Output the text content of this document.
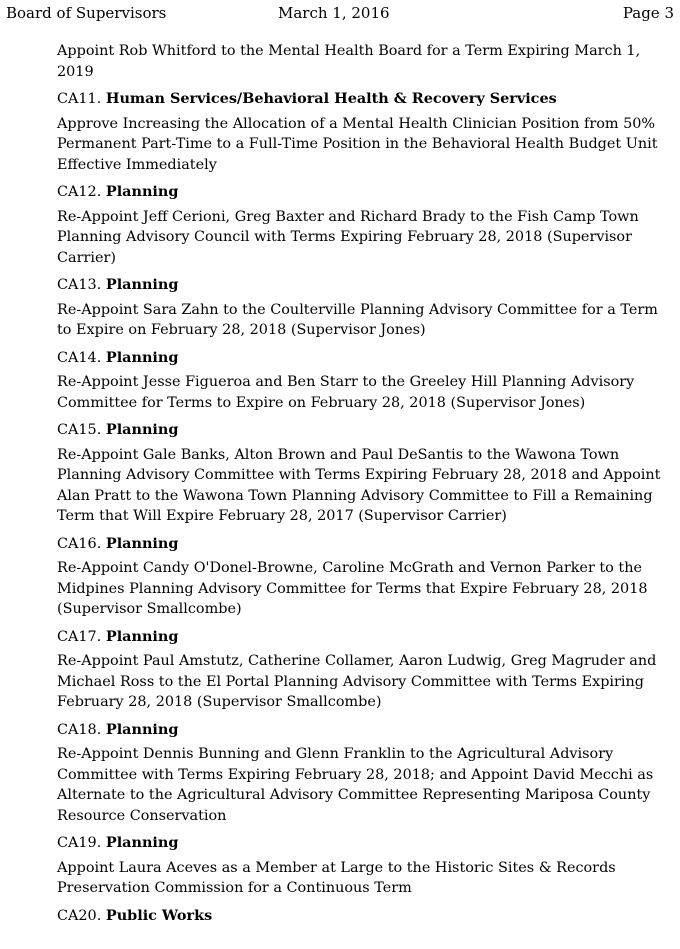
Board of Supervisors	March 1, 2016	Page 3

Appoint Rob Whitford to the Mental Health Board for a Term Expiring March 1, 2019

CA11. Human Services/Behavioral Health & Recovery Services

Approve Increasing the Allocation of a Mental Health Clinician Position from 50% Permanent Part-Time to a Full-Time Position in the Behavioral Health Budget Unit Effective Immediately

CA12. Planning

Re-Appoint Jeff Cerioni, Greg Baxter and Richard Brady to the Fish Camp Town Planning Advisory Council with Terms Expiring February 28, 2018 (Supervisor Carrier)

CA13. Planning

Re-Appoint Sara Zahn to the Coulterville Planning Advisory Committee for a Term to Expire on February 28, 2018 (Supervisor Jones)

CA14. Planning

Re-Appoint Jesse Figueroa and Ben Starr to the Greeley Hill Planning Advisory Committee for Terms to Expire on February 28, 2018 (Supervisor Jones)

CA15. Planning

Re-Appoint Gale Banks, Alton Brown and Paul DeSantis to the Wawona Town Planning Advisory Committee with Terms Expiring February 28, 2018 and Appoint Alan Pratt to the Wawona Town Planning Advisory Committee to Fill a Remaining Term that Will Expire February 28, 2017 (Supervisor Carrier)

CA16. Planning

Re-Appoint Candy O'Donel-Browne, Caroline McGrath and Vernon Parker to the Midpines Planning Advisory Committee for Terms that Expire February 28, 2018 (Supervisor Smallcombe)

CA17. Planning

Re-Appoint Paul Amstutz, Catherine Collamer, Aaron Ludwig, Greg Magruder and Michael Ross to the El Portal Planning Advisory Committee with Terms Expiring February 28, 2018 (Supervisor Smallcombe)

CA18. Planning

Re-Appoint Dennis Bunning and Glenn Franklin to the Agricultural Advisory Committee with Terms Expiring February 28, 2018; and Appoint David Mecchi as Alternate to the Agricultural Advisory Committee Representing Mariposa County Resource Conservation

CA19. Planning

Appoint Laura Aceves as a Member at Large to the Historic Sites & Records Preservation Commission for a Continuous Term

CA20. Public Works
